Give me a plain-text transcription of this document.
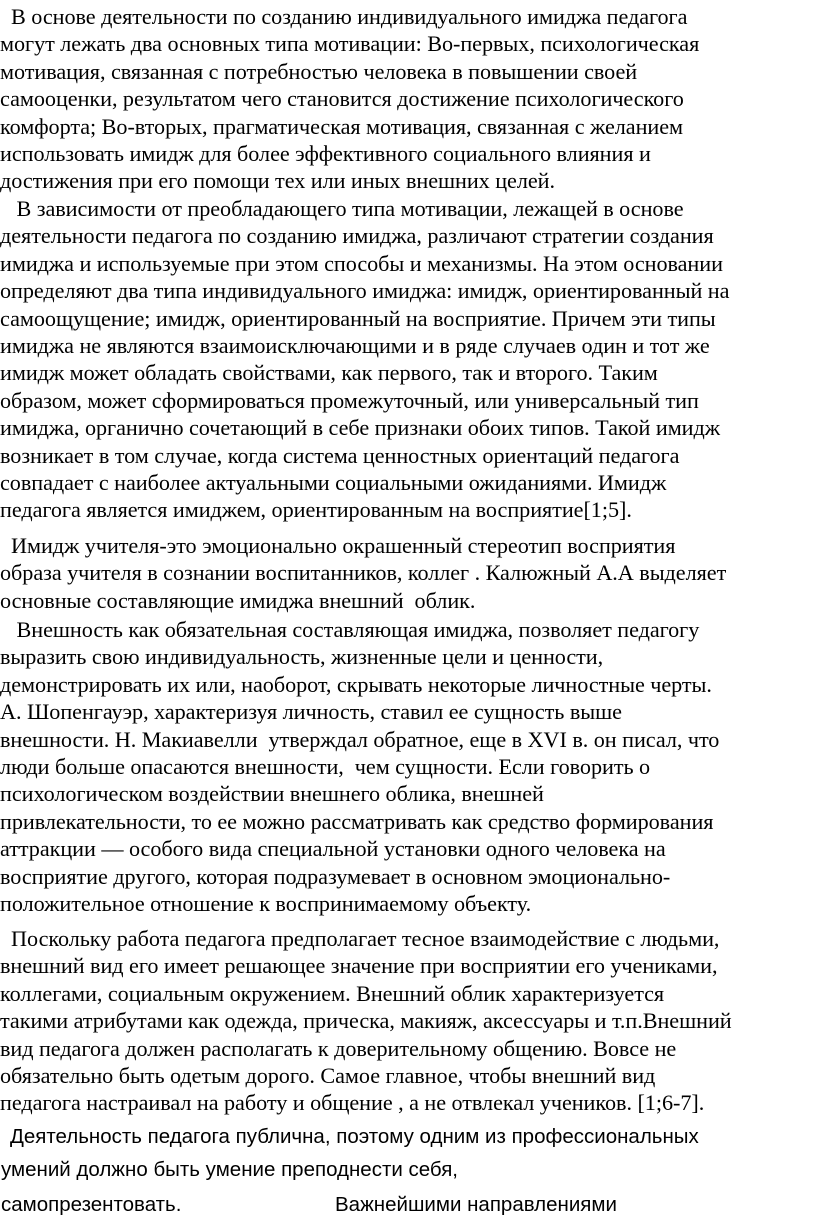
В основе деятельности по созданию индивидуального имиджа педагога
могут лежать два основных типа мотивации: Во-первых, психологическая
мотивация, связанная с потребностью человека в повышении своей
самооценки, результатом чего становится достижение психологического
комфорта; Во-вторых, прагматическая мотивация, связанная с желанием
использовать имидж для более эффективного социального влияния и
достижения при его помощи тех или иных внешних целей.
В зависимости от преобладающего типа мотивации, лежащей в основе
деятельности педагога по созданию имиджа, различают стратегии создания
имиджа и используемые при этом способы и механизмы. На этом основании
определяют два типа индивидуального имиджа: имидж, ориентированный на
самоощущение; имидж, ориентированный на восприятие. Причем эти типы
имиджа не являются взаимоисключающими и в ряде случаев один и тот же
имидж может обладать свойствами, как первого, так и второго. Таким
образом, может сформироваться промежуточный, или универсальный тип
имиджа, органично сочетающий в себе признаки обоих типов. Такой имидж
возникает в том случае, когда система ценностных ориентаций педагога
совпадает с наиболее актуальными социальными ожиданиями. Имидж
педагога является имиджем, ориентированным на восприятие[1;5].
Имидж учителя-это эмоционально окрашенный стереотип восприятия
образа учителя в сознании воспитанников, коллег . Калюжный А.А выделяет
основные составляющие имиджа внешний  облик.
Внешность как обязательная составляющая имиджа, позволяет педагогу
выразить свою индивидуальность, жизненные цели и ценности,
демонстрировать их или, наоборот, скрывать некоторые личностные черты.
А. Шопенгауэр, характеризуя личность, ставил ее сущность выше
внешности. Н. Макиавелли  утверждал обратное, еще в XVI в. он писал, что
люди больше опасаются внешности,  чем сущности. Если говорить о
психологическом воздействии внешнего облика, внешней
привлекательности, то ее можно рассматривать как средство формирования
аттракции — особого вида специальной установки одного человека на
восприятие другого, которая подразумевает в основном эмоционально-
положительное отношение к воспринимаемому объекту.
Поскольку работа педагога предполагает тесное взаимодействие с людьми,
внешний вид его имеет решающее значение при восприятии его учениками,
коллегами, социальным окружением. Внешний облик характеризуется
такими атрибутами как одежда, прическа, макияж, аксессуары и т.п.Внешний
вид педагога должен располагать к доверительному общению. Вовсе не
обязательно быть одетым дорого. Самое главное, чтобы внешний вид
педагога настраивал на работу и общение , а не отвлекал учеников. [1;6-7].
Деятельность педагога публична, поэтому одним из профессиональных
умений должно быть умение преподнести себя,
самопрезентовать.	Важнейшими направлениями
